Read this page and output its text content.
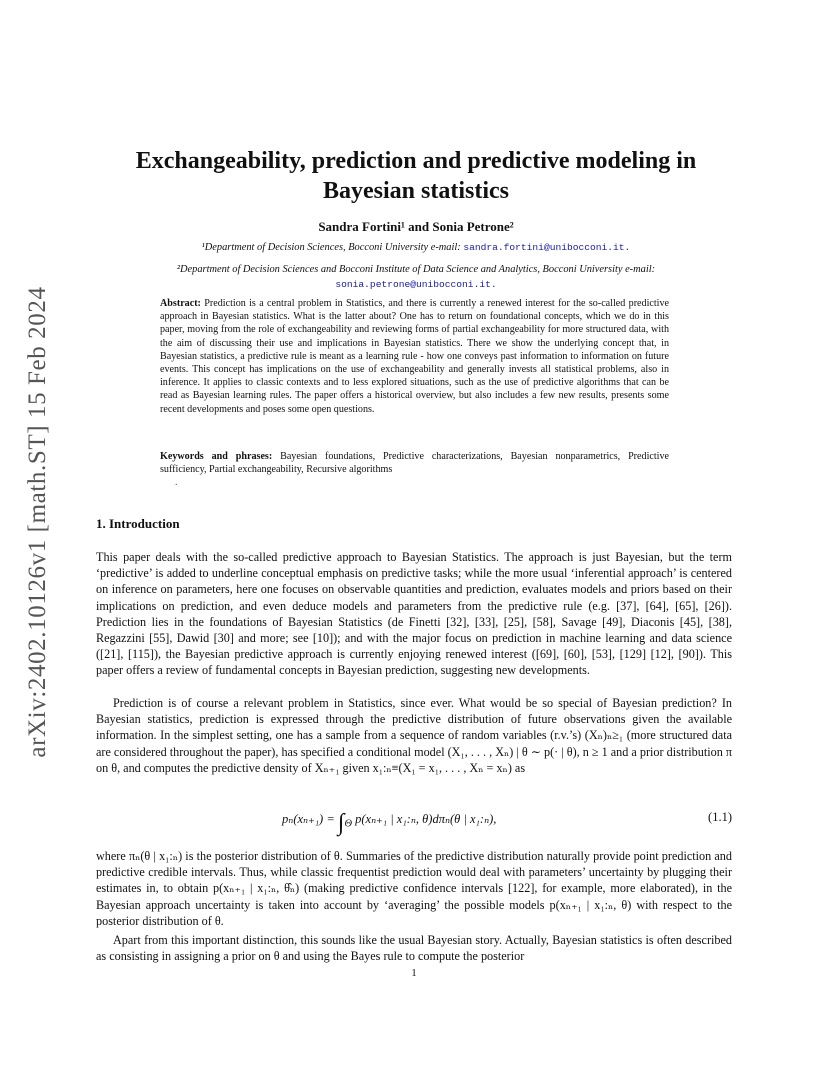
arXiv:2402.10126v1 [math.ST] 15 Feb 2024
Exchangeability, prediction and predictive modeling in Bayesian statistics
Sandra Fortini¹ and Sonia Petrone²
¹Department of Decision Sciences, Bocconi University e-mail: sandra.fortini@unibocconi.it.
²Department of Decision Sciences and Bocconi Institute of Data Science and Analytics, Bocconi University e-mail:
sonia.petrone@unibocconi.it.

Abstract: Prediction is a central problem in Statistics, and there is currently a renewed interest for the so-called predictive approach in Bayesian statistics. What is the latter about? One has to return on foundational concepts, which we do in this paper, moving from the role of exchangeability and reviewing forms of partial exchangeability for more structured data, with the aim of discussing their use and implications in Bayesian statistics. There we show the underlying concept that, in Bayesian statistics, a predictive rule is meant as a learning rule - how one conveys past information to information on future events. This concept has implications on the use of exchangeability and generally invests all statistical problems, also in inference. It applies to classic contexts and to less explored situations, such as the use of predictive algorithms that can be read as Bayesian learning rules. The paper offers a historical overview, but also includes a few new results, presents some recent developments and poses some open questions.

Keywords and phrases: Bayesian foundations, Predictive characterizations, Bayesian nonparametrics, Predictive sufficiency, Partial exchangeability, Recursive algorithms

.
1. Introduction

This paper deals with the so-called predictive approach to Bayesian Statistics. The approach is just Bayesian, but the term ‘predictive’ is added to underline conceptual emphasis on predictive tasks; while the more usual ‘inferential approach’ is centered on inference on parameters, here one focuses on observable quantities and prediction, evaluates models and priors based on their implications on prediction, and even deduce models and parameters from the predictive rule (e.g. [37], [64], [65], [26]). Prediction lies in the foundations of Bayesian Statistics (de Finetti [32], [33], [25], [58], Savage [49], Diaconis [45], [38], Regazzini [55], Dawid [30] and more; see [10]); and with the major focus on prediction in machine learning and data science ([21], [115]), the Bayesian predictive approach is currently enjoying renewed interest ([69], [60], [53], [129] [12], [90]). This paper offers a review of fundamental concepts in Bayesian prediction, suggesting new developments.

Prediction is of course a relevant problem in Statistics, since ever. What would be so special of Bayesian prediction? In Bayesian statistics, prediction is expressed through the predictive distribution of future observations given the available information. In the simplest setting, one has a sample from a sequence of random variables (r.v.’s) (Xₙ)ₙ≥₁ (more structured data are considered throughout the paper), has specified a conditional model (X₁, . . . , Xₙ) | θ ∼ p(· | θ), n ≥ 1 and a prior distribution π on θ, and computes the predictive density of Xₙ₊₁ given x₁:ₙ≡(X₁ = x₁, . . . , Xₙ = xₙ) as

$p_n(x_{n+1}) = \int_\Theta$ p(xₙ₊₁ | x₁:ₙ, θ)dπₙ(θ | x₁:ₙ),	(1.1)

where πₙ(θ | x₁:ₙ) is the posterior distribution of θ. Summaries of the predictive distribution naturally provide point prediction and predictive credible intervals. Thus, while classic frequentist prediction would deal with parameters’ uncertainty by plugging their estimates in, to obtain p(xₙ₊₁ | x₁:ₙ, θ̂ₙ) (making predictive confidence intervals [122], for example, more elaborated), in the Bayesian approach uncertainty is taken into account by ‘averaging’ the possible models p(xₙ₊₁ | x₁:ₙ, θ) with respect to the posterior distribution of θ.

Apart from this important distinction, this sounds like the usual Bayesian story. Actually, Bayesian statistics is often described as consisting in assigning a prior on θ and using the Bayes rule to compute the posterior

1
